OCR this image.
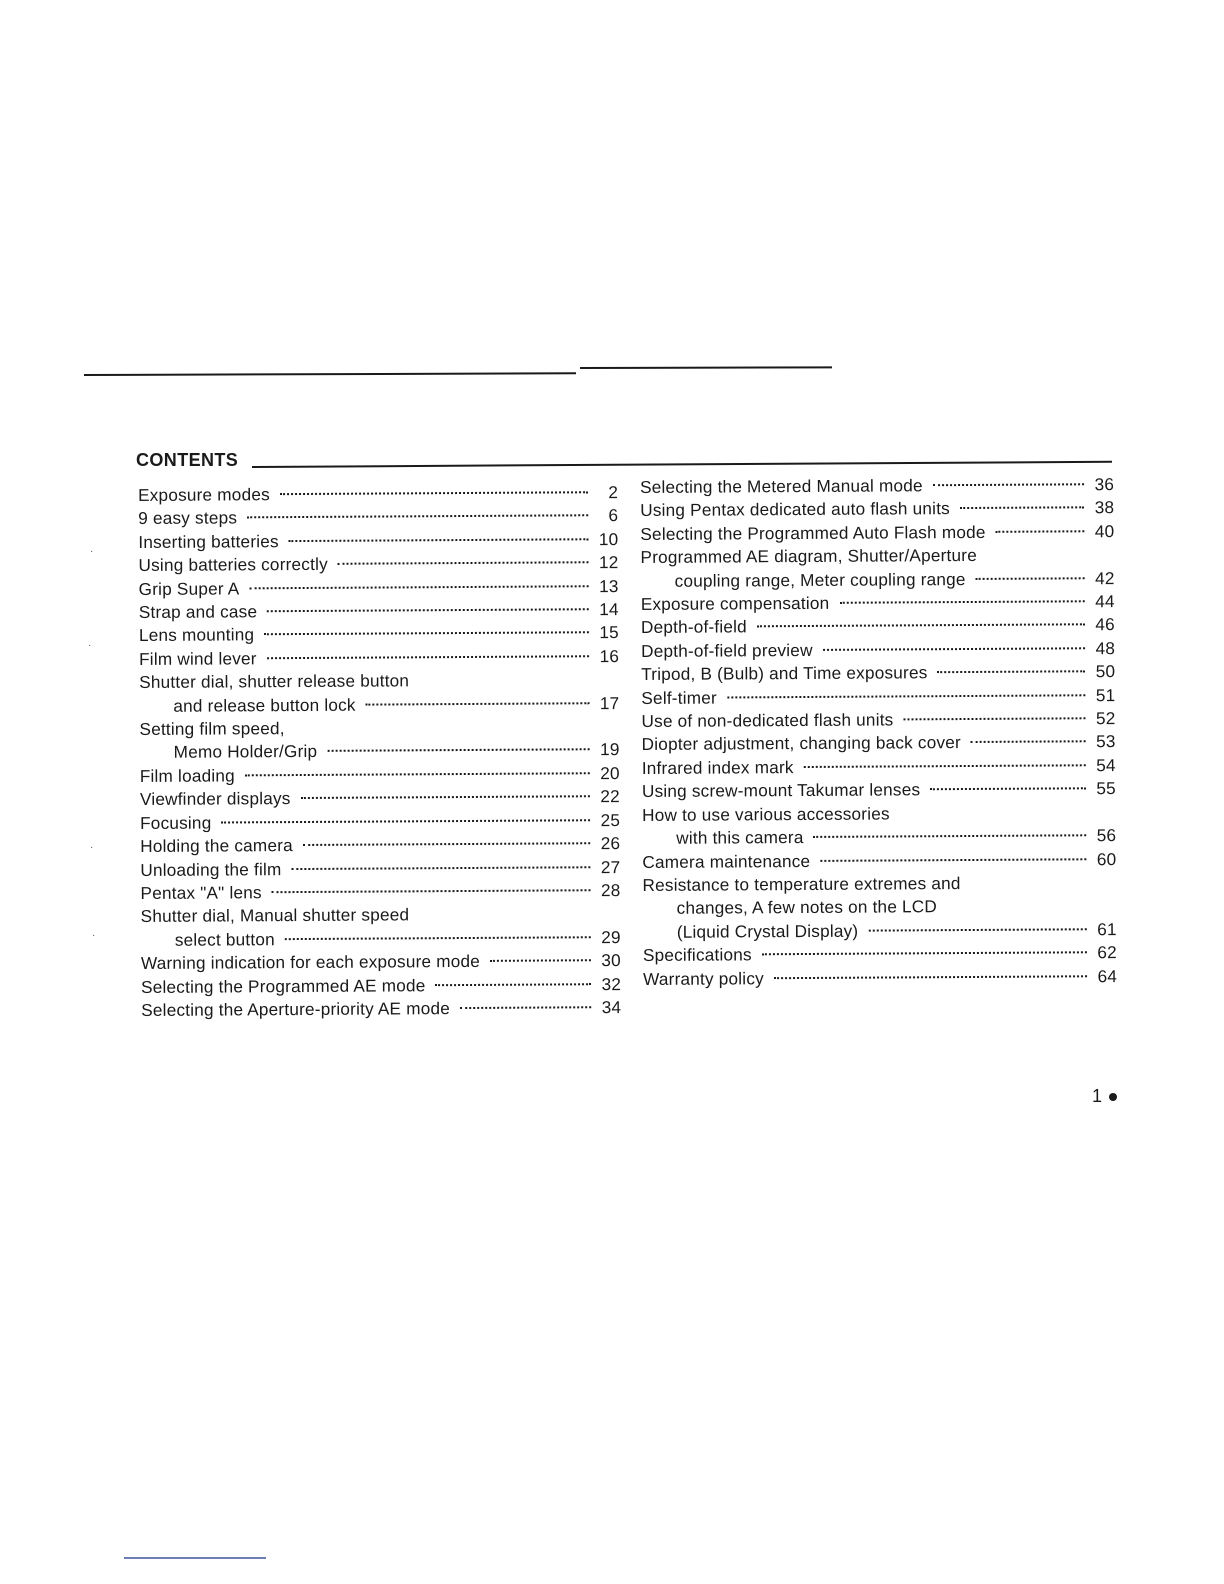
CONTENTS
Exposure modes	2
9 easy steps	6
Inserting batteries	10
Using batteries correctly	12
Grip Super A	13
Strap and case	14
Lens mounting	15
Film wind lever	16
Shutter dial, shutter release button
and release button lock	17
Setting film speed,
Memo Holder/Grip	19
Film loading	20
Viewfinder displays	22
Focusing	25
Holding the camera	26
Unloading the film	27
Pentax "A" lens	28
Shutter dial, Manual shutter speed
select button	29
Warning indication for each exposure mode	30
Selecting the Programmed AE mode	32
Selecting the Aperture-priority AE mode	34
Selecting the Metered Manual mode	36
Using Pentax dedicated auto flash units	38
Selecting the Programmed Auto Flash mode	40
Programmed AE diagram, Shutter/Aperture
coupling range, Meter coupling range	42
Exposure compensation	44
Depth-of-field	46
Depth-of-field preview	48
Tripod, B (Bulb) and Time exposures	50
Self-timer	51
Use of non-dedicated flash units	52
Diopter adjustment, changing back cover	53
Infrared index mark	54
Using screw-mount Takumar lenses	55
How to use various accessories
with this camera	56
Camera maintenance	60
Resistance to temperature extremes and
changes, A few notes on the LCD
(Liquid Crystal Display)	61
Specifications	62
Warranty policy	64
·
·
·
·
1
